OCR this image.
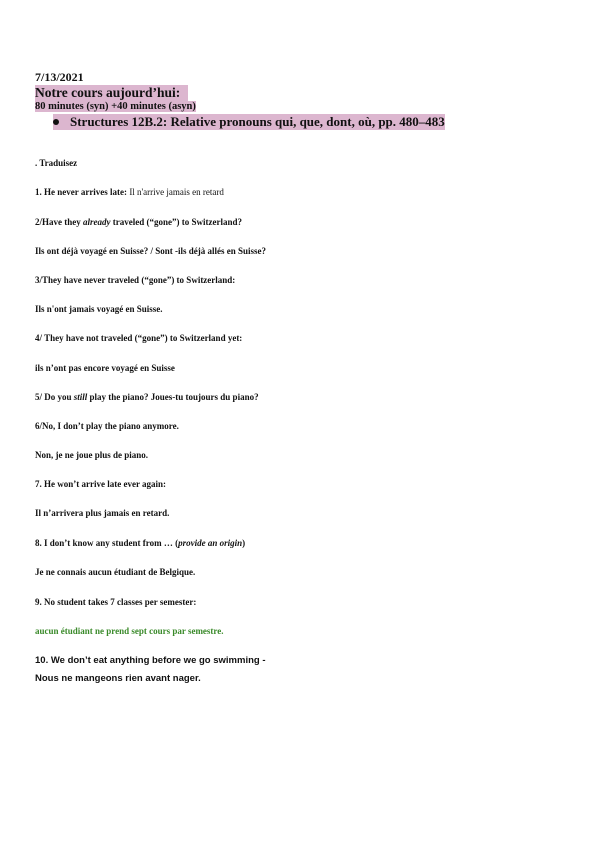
7/13/2021
Notre cours aujourd’hui:
80 minutes (syn) +40 minutes (asyn)
Structures 12B.2: Relative pronouns qui, que, dont, où, pp. 480–483
. Traduisez
1. He never arrives late: Il n'arrive jamais en retard
2/Have they already traveled (“gone”) to Switzerland?
Ils ont déjà voyagé en Suisse? / Sont -ils déjà allés en Suisse?
3/They have never traveled (“gone”) to Switzerland:
Ils n'ont jamais voyagé en Suisse.
4/ They have not traveled (“gone”) to Switzerland yet:
ils n’ont pas encore voyagé en Suisse
5/ Do you still play the piano? Joues-tu toujours du piano?
6/No, I don’t play the piano anymore.
Non, je ne joue plus de piano.
7. He won’t arrive late ever again:
Il n’arrivera plus jamais en retard.
8. I don’t know any student from … (provide an origin)
Je ne connais aucun étudiant de Belgique.
9. No student takes 7 classes per semester:
aucun étudiant ne prend sept cours par semestre.
10. We don’t eat anything before we go swimming -
Nous ne mangeons rien avant nager.
